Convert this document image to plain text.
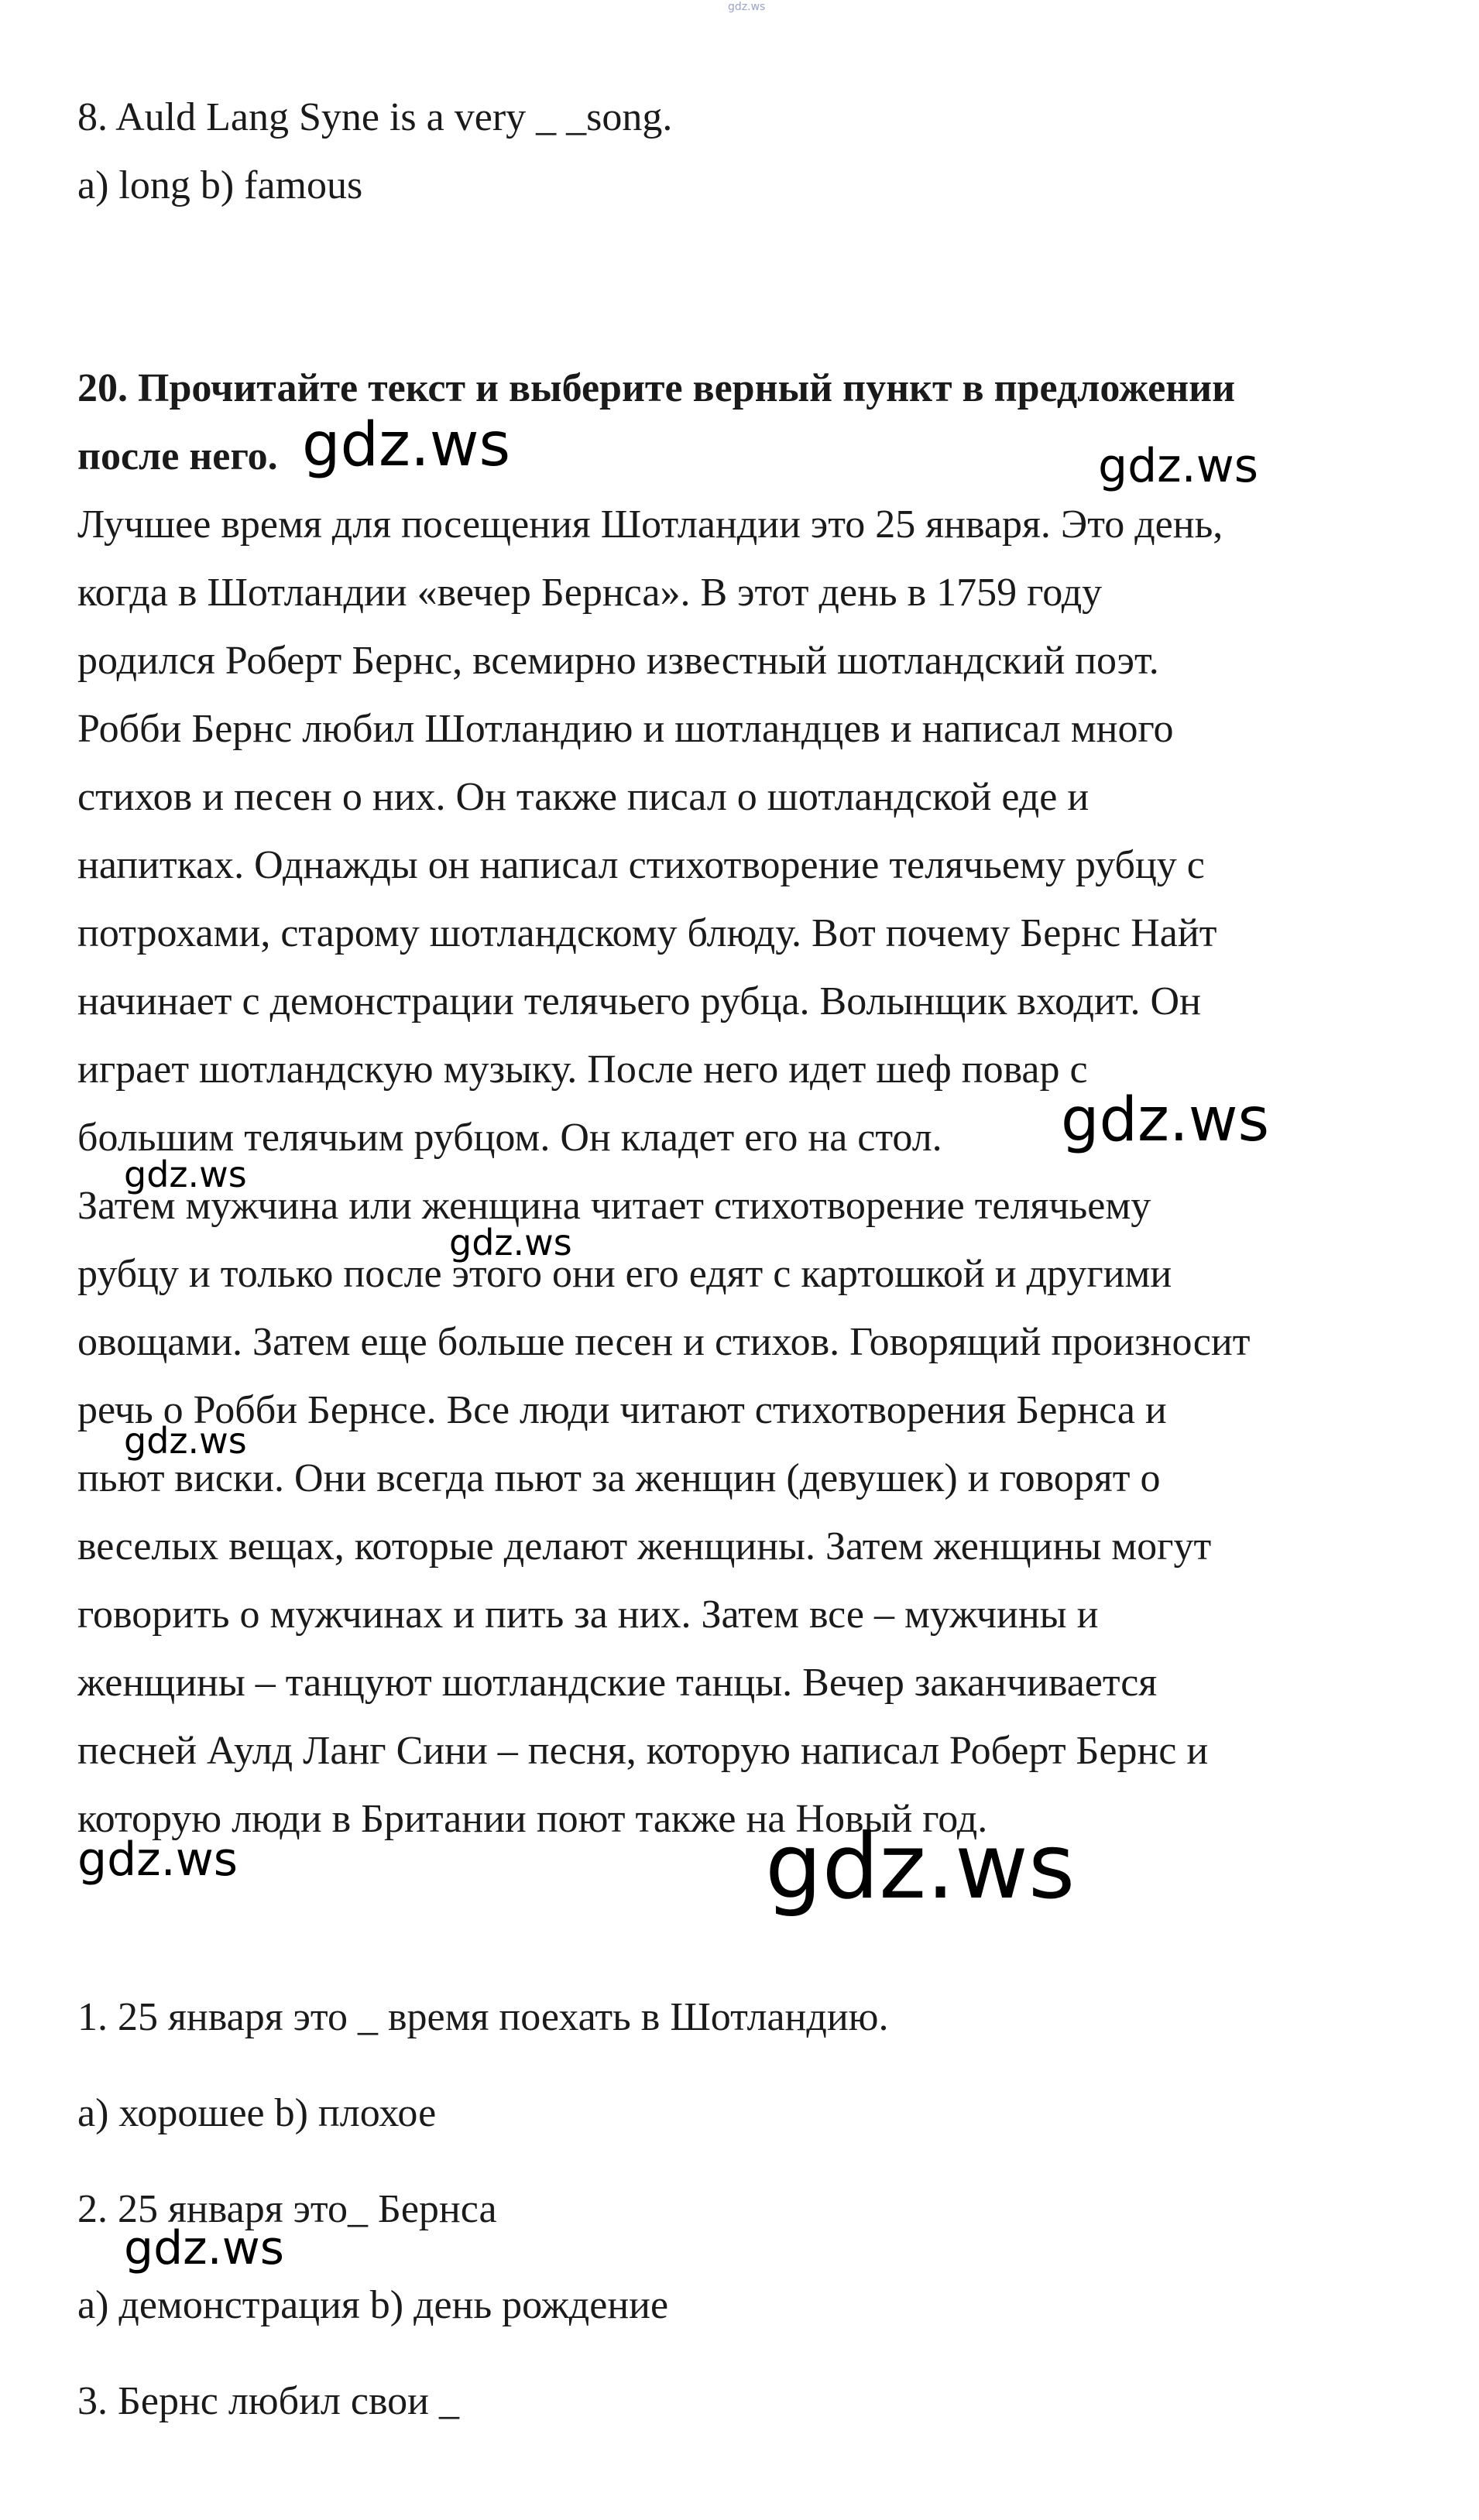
gdz.ws
8. Auld Lang Syne is a very _ _song.
a) long b) famous
20. Прочитайте текст и выберите верный пункт в предложении
после него.
Лучшее время для посещения Шотландии это 25 января. Это день,
когда в Шотландии «вечер Бернса». В этот день в 1759 году
родился Роберт Бернс, всемирно известный шотландский поэт.
Робби Бернс любил Шотландию и шотландцев и написал много
стихов и песен о них. Он также писал о шотландской еде и
напитках. Однажды он написал стихотворение телячьему рубцу с
потрохами, старому шотландскому блюду. Вот почему Бернс Найт
начинает с демонстрации телячьего рубца. Волынщик входит. Он
играет шотландскую музыку. После него идет шеф повар с
большим телячьим рубцом. Он кладет его на стол.
Затем мужчина или женщина читает стихотворение телячьему
рубцу и только после этого они его едят с картошкой и другими
овощами. Затем еще больше песен и стихов. Говорящий произносит
речь о Робби Бернсе. Все люди читают стихотворения Бернса и
пьют виски. Они всегда пьют за женщин (девушек) и говорят о
веселых вещах, которые делают женщины. Затем женщины могут
говорить о мужчинах и пить за них. Затем все – мужчины и
женщины – танцуют шотландские танцы. Вечер заканчивается
песней Аулд Ланг Сини – песня, которую написал Роберт Бернс и
которую люди в Британии поют также на Новый год.
1. 25 января это _ время поехать в Шотландию.
a) хорошее b) плохое
2. 25 января это_ Бернса
a) демонстрация b) день рождение
3. Бернс любил свои _
gdz.ws	gdz.ws
gdz.ws
gdz.ws
gdz.ws
gdz.ws
gdz.ws	gdz.ws
gdz.ws
